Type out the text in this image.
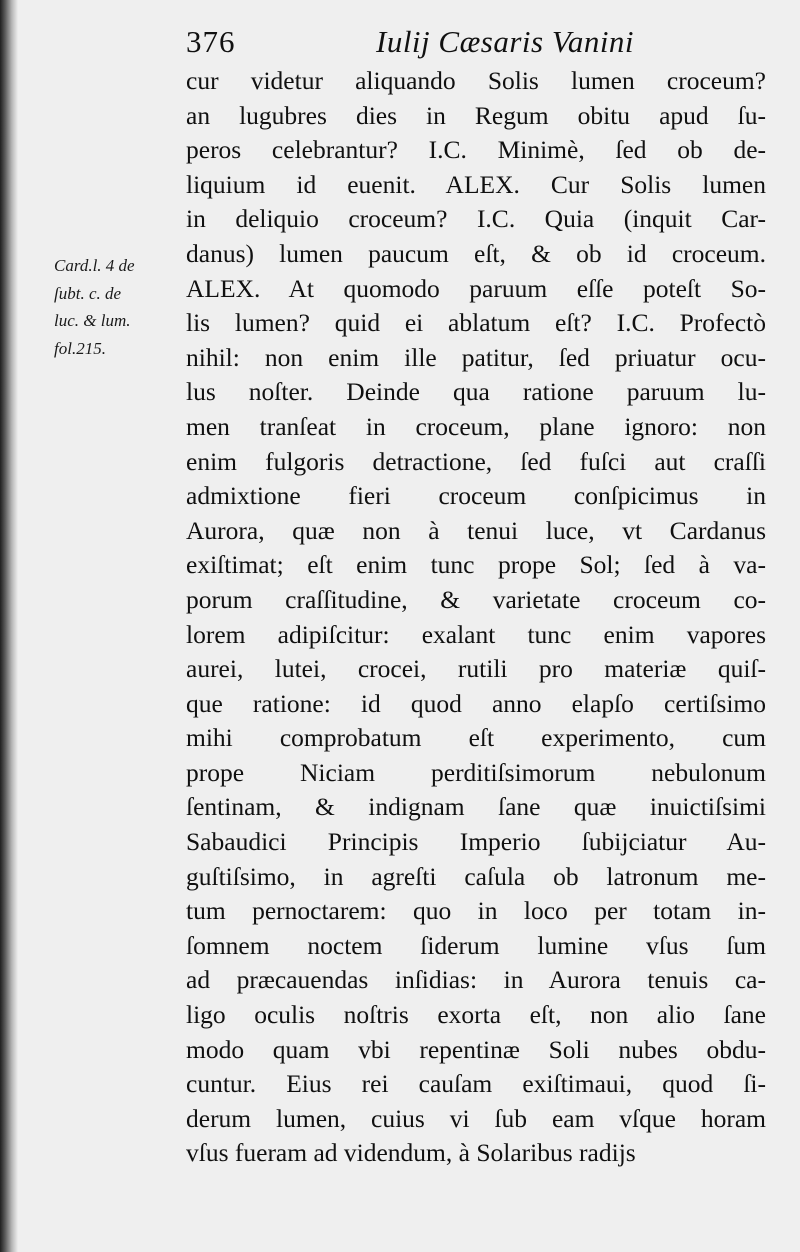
376	Iulij Cæsaris Vanini
Card.l. 4 de
ſubt. c. de
luc. & lum.
fol.215.
cur videtur aliquando Solis lumen croceum?
an lugubres dies in Regum obitu apud ſu-
peros celebrantur? I.C. Minimè, ſed ob de-
liquium id euenit. ALEX. Cur Solis lumen
in deliquio croceum? I.C. Quia (inquit Car-
danus) lumen paucum eſt, & ob id croceum.
ALEX. At quomodo paruum eſſe poteſt So-
lis lumen? quid ei ablatum eſt? I.C. Profectò
nihil: non enim ille patitur, ſed priuatur ocu-
lus noſter. Deinde qua ratione paruum lu-
men tranſeat in croceum, plane ignoro: non
enim fulgoris detractione, ſed fuſci aut craſſi
admixtione fieri croceum conſpicimus in
Aurora, quæ non à tenui luce, vt Cardanus
exiſtimat; eſt enim tunc prope Sol; ſed à va-
porum craſſitudine, & varietate croceum co-
lorem adipiſcitur: exalant tunc enim vapores
aurei, lutei, crocei, rutili pro materiæ quiſ-
que ratione: id quod anno elapſo certiſsimo
mihi comprobatum eſt experimento, cum
prope Niciam perditiſsimorum nebulonum
ſentinam, & indignam ſane quæ inuictiſsimi
Sabaudici Principis Imperio ſubijciatur Au-
guſtiſsimo, in agreſti caſula ob latronum me-
tum pernoctarem: quo in loco per totam in-
ſomnem noctem ſiderum lumine vſus ſum
ad præcauendas inſidias: in Aurora tenuis ca-
ligo oculis noſtris exorta eſt, non alio ſane
modo quam vbi repentinæ Soli nubes obdu-
cuntur. Eius rei cauſam exiſtimaui, quod ſi-
derum lumen, cuius vi ſub eam vſque horam
vſus fueram ad videndum, à Solaribus radijs
